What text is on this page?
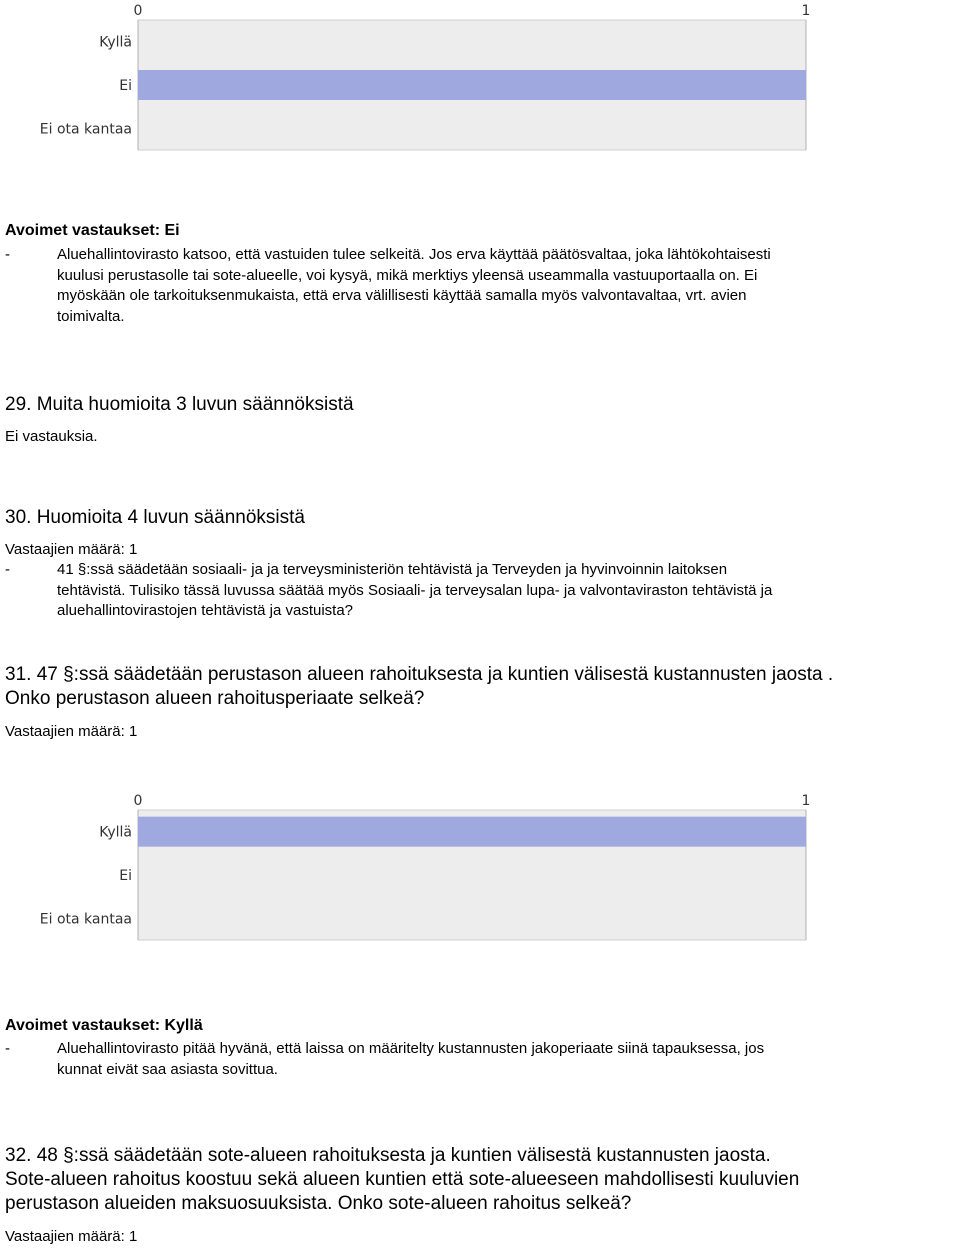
0	1
Kyllä
Ei
Ei ota kantaa

Avoimet vastaukset: Ei

-	Aluehallintovirasto katsoo, että vastuiden tulee selkeitä. Jos erva käyttää päätösvaltaa, joka lähtökohtaisesti
kuulusi perustasolle tai sote-alueelle, voi kysyä, mikä merktiys yleensä useammalla vastuuportaalla on. Ei
myöskään ole tarkoituksenmukaista, että erva välillisesti käyttää samalla myös valvontavaltaa, vrt. avien
toimivalta.

29. Muita huomioita 3 luvun säännöksistä

Ei vastauksia.

30. Huomioita 4 luvun säännöksistä

Vastaajien määrä: 1

-	41 §:ssä säädetään sosiaali- ja ja terveysministeriön tehtävistä ja Terveyden ja hyvinvoinnin laitoksen
tehtävistä. Tulisiko tässä luvussa säätää myös Sosiaali- ja terveysalan lupa- ja valvontaviraston tehtävistä ja
aluehallintovirastojen tehtävistä ja vastuista?
31. 47 §:ssä säädetään perustason alueen rahoituksesta ja kuntien välisestä kustannusten jaosta .
Onko perustason alueen rahoitusperiaate selkeä?

Vastaajien määrä: 1

0	1
Kyllä
Ei
Ei ota kantaa

Avoimet vastaukset: Kyllä

-	Aluehallintovirasto pitää hyvänä, että laissa on määritelty kustannusten jakoperiaate siinä tapauksessa, jos
kunnat eivät saa asiasta sovittua.
32. 48 §:ssä säädetään sote-alueen rahoituksesta ja kuntien välisestä kustannusten jaosta.
Sote-alueen rahoitus koostuu sekä alueen kuntien että sote-alueeseen mahdollisesti kuuluvien
perustason alueiden maksuosuuksista. Onko sote-alueen rahoitus selkeä?

Vastaajien määrä: 1
